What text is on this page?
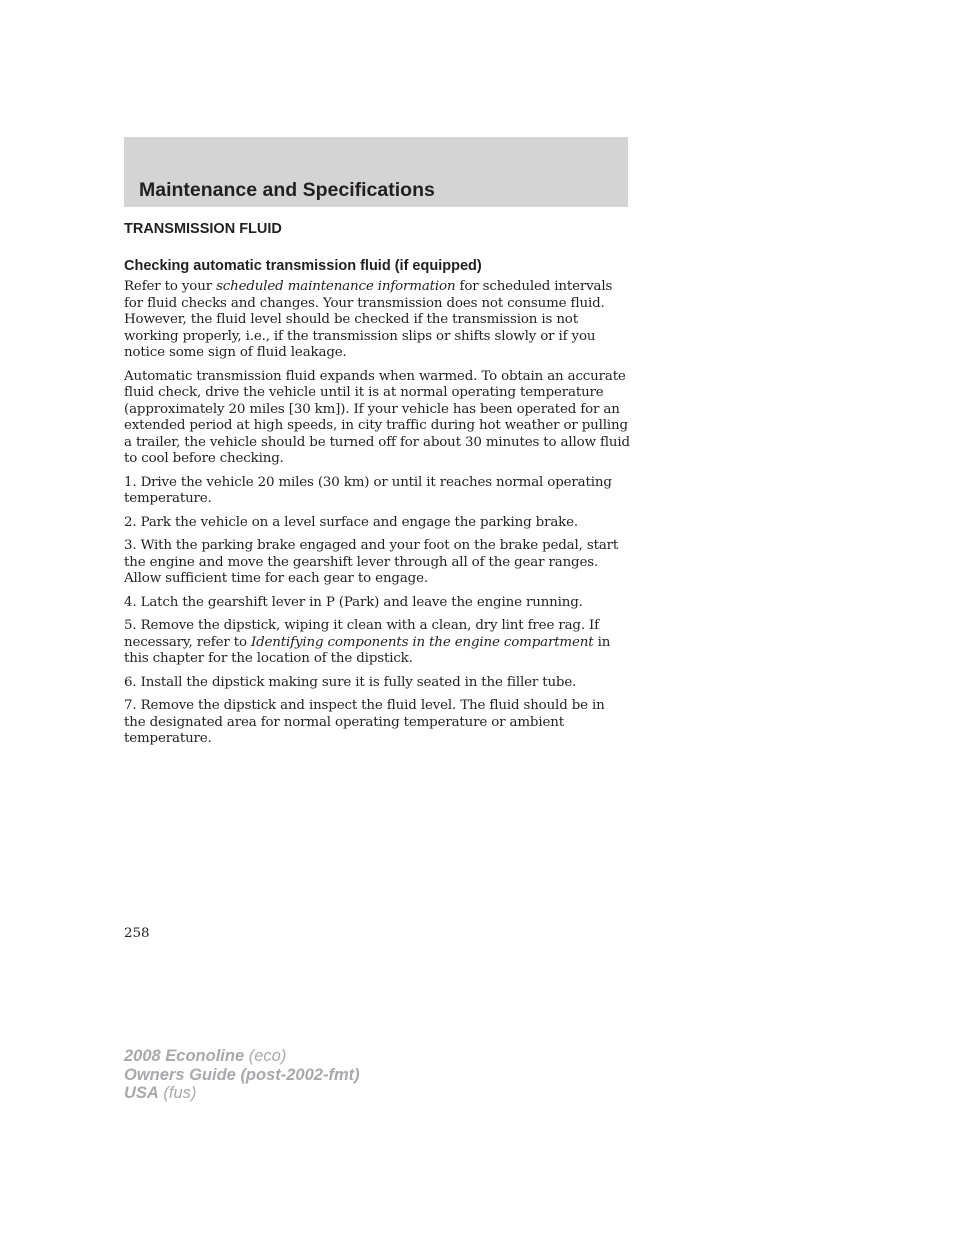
Maintenance and Specifications
TRANSMISSION FLUID
Checking automatic transmission fluid (if equipped)

Refer to your scheduled maintenance information for scheduled intervals for fluid checks and changes. Your transmission does not consume fluid. However, the fluid level should be checked if the transmission is not working properly, i.e., if the transmission slips or shifts slowly or if you notice some sign of fluid leakage.

Automatic transmission fluid expands when warmed. To obtain an accurate fluid check, drive the vehicle until it is at normal operating temperature (approximately 20 miles [30 km]). If your vehicle has been operated for an extended period at high speeds, in city traffic during hot weather or pulling a trailer, the vehicle should be turned off for about 30 minutes to allow fluid to cool before checking.

1. Drive the vehicle 20 miles (30 km) or until it reaches normal operating temperature.

2. Park the vehicle on a level surface and engage the parking brake.

3. With the parking brake engaged and your foot on the brake pedal, start the engine and move the gearshift lever through all of the gear ranges. Allow sufficient time for each gear to engage.

4. Latch the gearshift lever in P (Park) and leave the engine running.

5. Remove the dipstick, wiping it clean with a clean, dry lint free rag. If necessary, refer to Identifying components in the engine compartment in this chapter for the location of the dipstick.

6. Install the dipstick making sure it is fully seated in the filler tube.

7. Remove the dipstick and inspect the fluid level. The fluid should be in the designated area for normal operating temperature or ambient temperature.

258
2008 Econoline (eco)
Owners Guide (post-2002-fmt)
USA (fus)
